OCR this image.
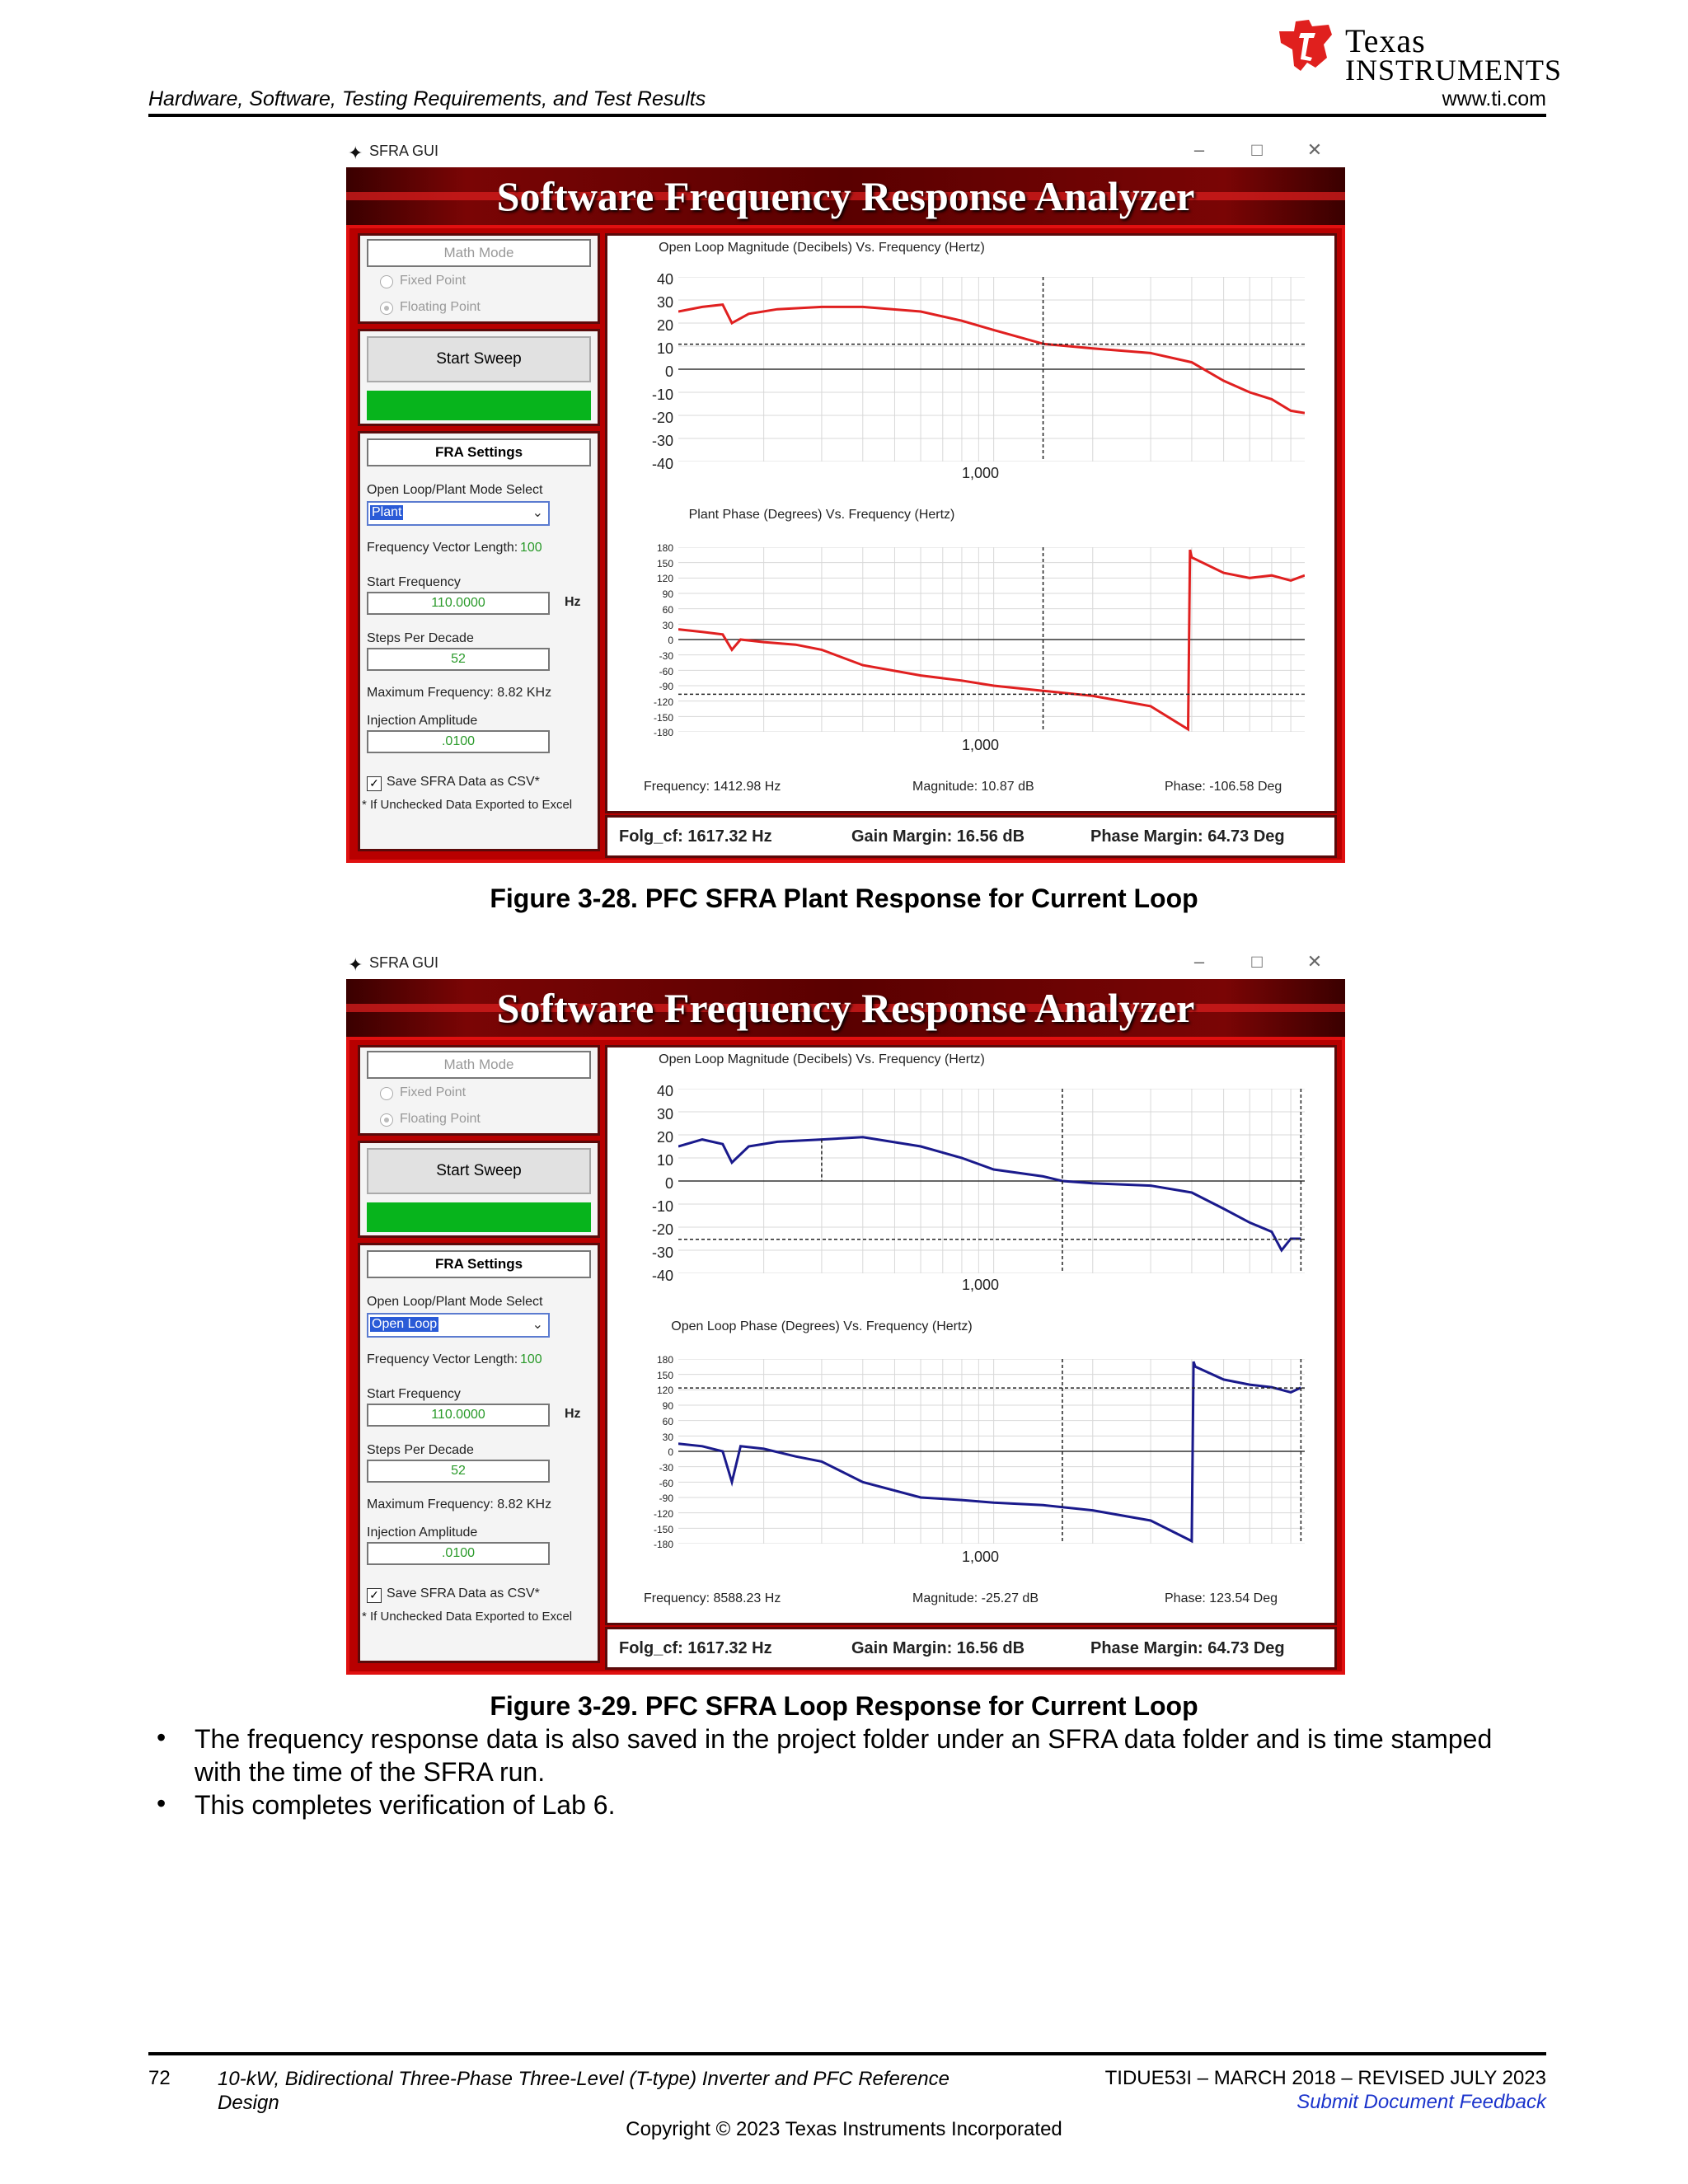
Hardware, Software, Testing Requirements, and Test Results	www.ti.com
Texas
INSTRUMENTS
✦ SFRA GUI	–	□	✕
Software Frequency Response Analyzer
Math Mode
Fixed Point
Floating Point
Start Sweep
FRA Settings
Open Loop/Plant Mode Select
Plant	⌄
Frequency Vector Length: 100
Start Frequency
110.0000	Hz
Steps Per Decade
52
Maximum Frequency: 8.82 KHz
Injection Amplitude
.0100
✓ Save SFRA Data as CSV*
* If Unchecked Data Exported to Excel
Open Loop Magnitude (Decibels) Vs. Frequency (Hertz)
40
30
20
10
0
-10
-20
-30
-40
1,000
Plant Phase (Degrees) Vs. Frequency (Hertz)
180
150
120
90
60
30
0
-30
-60
-90
-120
-150
-180
1,000
Frequency: 1412.98 Hz	Magnitude: 10.87 dB	Phase: -106.58 Deg
Folg_cf: 1617.32 Hz	Gain Margin: 16.56 dB	Phase Margin: 64.73 Deg
✦ SFRA GUI	–	□	✕
Software Frequency Response Analyzer
Math Mode
Fixed Point
Floating Point
Start Sweep
FRA Settings
Open Loop/Plant Mode Select
Open Loop	⌄
Frequency Vector Length: 100
Start Frequency
110.0000	Hz
Steps Per Decade
52
Maximum Frequency: 8.82 KHz
Injection Amplitude
.0100
✓ Save SFRA Data as CSV*
* If Unchecked Data Exported to Excel
Open Loop Magnitude (Decibels) Vs. Frequency (Hertz)
40
30
20
10
0
-10
-20
-30
-40
1,000
Open Loop Phase (Degrees) Vs. Frequency (Hertz)
180
150
120
90
60
30
0
-30
-60
-90
-120
-150
-180
1,000
Frequency: 8588.23 Hz	Magnitude: -25.27 dB	Phase: 123.54 Deg
Folg_cf: 1617.32 Hz	Gain Margin: 16.56 dB	Phase Margin: 64.73 Deg
Figure 3-28. PFC SFRA Plant Response for Current Loop
Figure 3-29. PFC SFRA Loop Response for Current Loop
• The frequency response data is also saved in the project folder under an SFRA data folder and is time stamped with the time of the SFRA run.
• This completes verification of Lab 6.
72 10-kW, Bidirectional Three-Phase Three-Level (T-type) Inverter and PFC Reference Design
TIDUE53I – MARCH 2018 – REVISED JULY 2023
Submit Document Feedback
Copyright © 2023 Texas Instruments Incorporated
